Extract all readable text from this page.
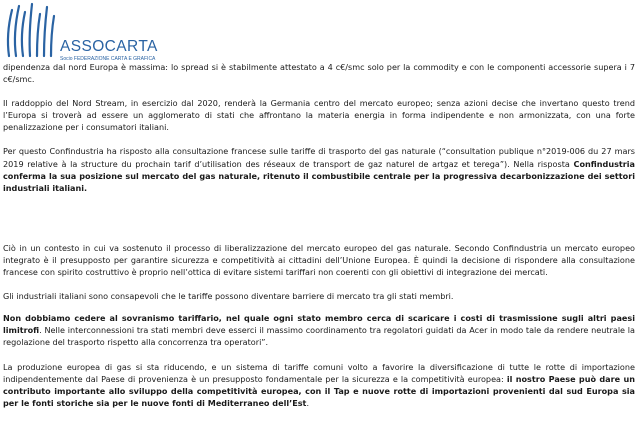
ASSOCARTA
Socio FEDERAZIONE CARTA E GRAFICA

dipendenza dal nord Europa è massima: lo spread si è stabilmente attestato a 4 c€/smc solo per la commodity e con le componenti accessorie supera i 7 c€/smc.

Il raddoppio del Nord Stream, in esercizio dal 2020, renderà la Germania centro del mercato europeo; senza azioni decise che invertano questo trend l’Europa si troverà ad essere un agglomerato di stati che affrontano la materia energia in forma indipendente e non armonizzata, con una forte penalizzazione per i consumatori italiani.

Per questo Confindustria ha risposto alla consultazione francese sulle tariffe di trasporto del gas naturale (“consultation publique n°2019-006 du 27 mars 2019 relative à la structure du prochain tarif d’utilisation des réseaux de transport de gaz naturel de artgaz et terega”). Nella risposta Confindustria conferma la sua posizione sul mercato del gas naturale, ritenuto il combustibile centrale per la progressiva decarbonizzazione dei settori industriali italiani.

Ciò in un contesto in cui va sostenuto il processo di liberalizzazione del mercato europeo del gas naturale. Secondo Confindustria un mercato europeo integrato è il presupposto per garantire sicurezza e competitività ai cittadini dell’Unione Europea. È quindi la decisione di rispondere alla consultazione francese con spirito costruttivo è proprio nell’ottica di evitare sistemi tariffari non coerenti con gli obiettivi di integrazione dei mercati.

Gli industriali italiani sono consapevoli che le tariffe possono diventare barriere di mercato tra gli stati membri.

Non dobbiamo cedere al sovranismo tariffario, nel quale ogni stato membro cerca di scaricare i costi di trasmissione sugli altri paesi limitrofi. Nelle interconnessioni tra stati membri deve esserci il massimo coordinamento tra regolatori guidati da Acer in modo tale da rendere neutrale la regolazione del trasporto rispetto alla concorrenza tra operatori”.

La produzione europea di gas si sta riducendo, e un sistema di tariffe comuni volto a favorire la diversificazione di tutte le rotte di importazione indipendentemente dal Paese di provenienza è un presupposto fondamentale per la sicurezza e la competitività europea: il nostro Paese può dare un contributo importante allo sviluppo della competitività europea, con il Tap e nuove rotte di importazioni provenienti dal sud Europa sia per le fonti storiche sia per le nuove fonti di Mediterraneo dell’Est.
